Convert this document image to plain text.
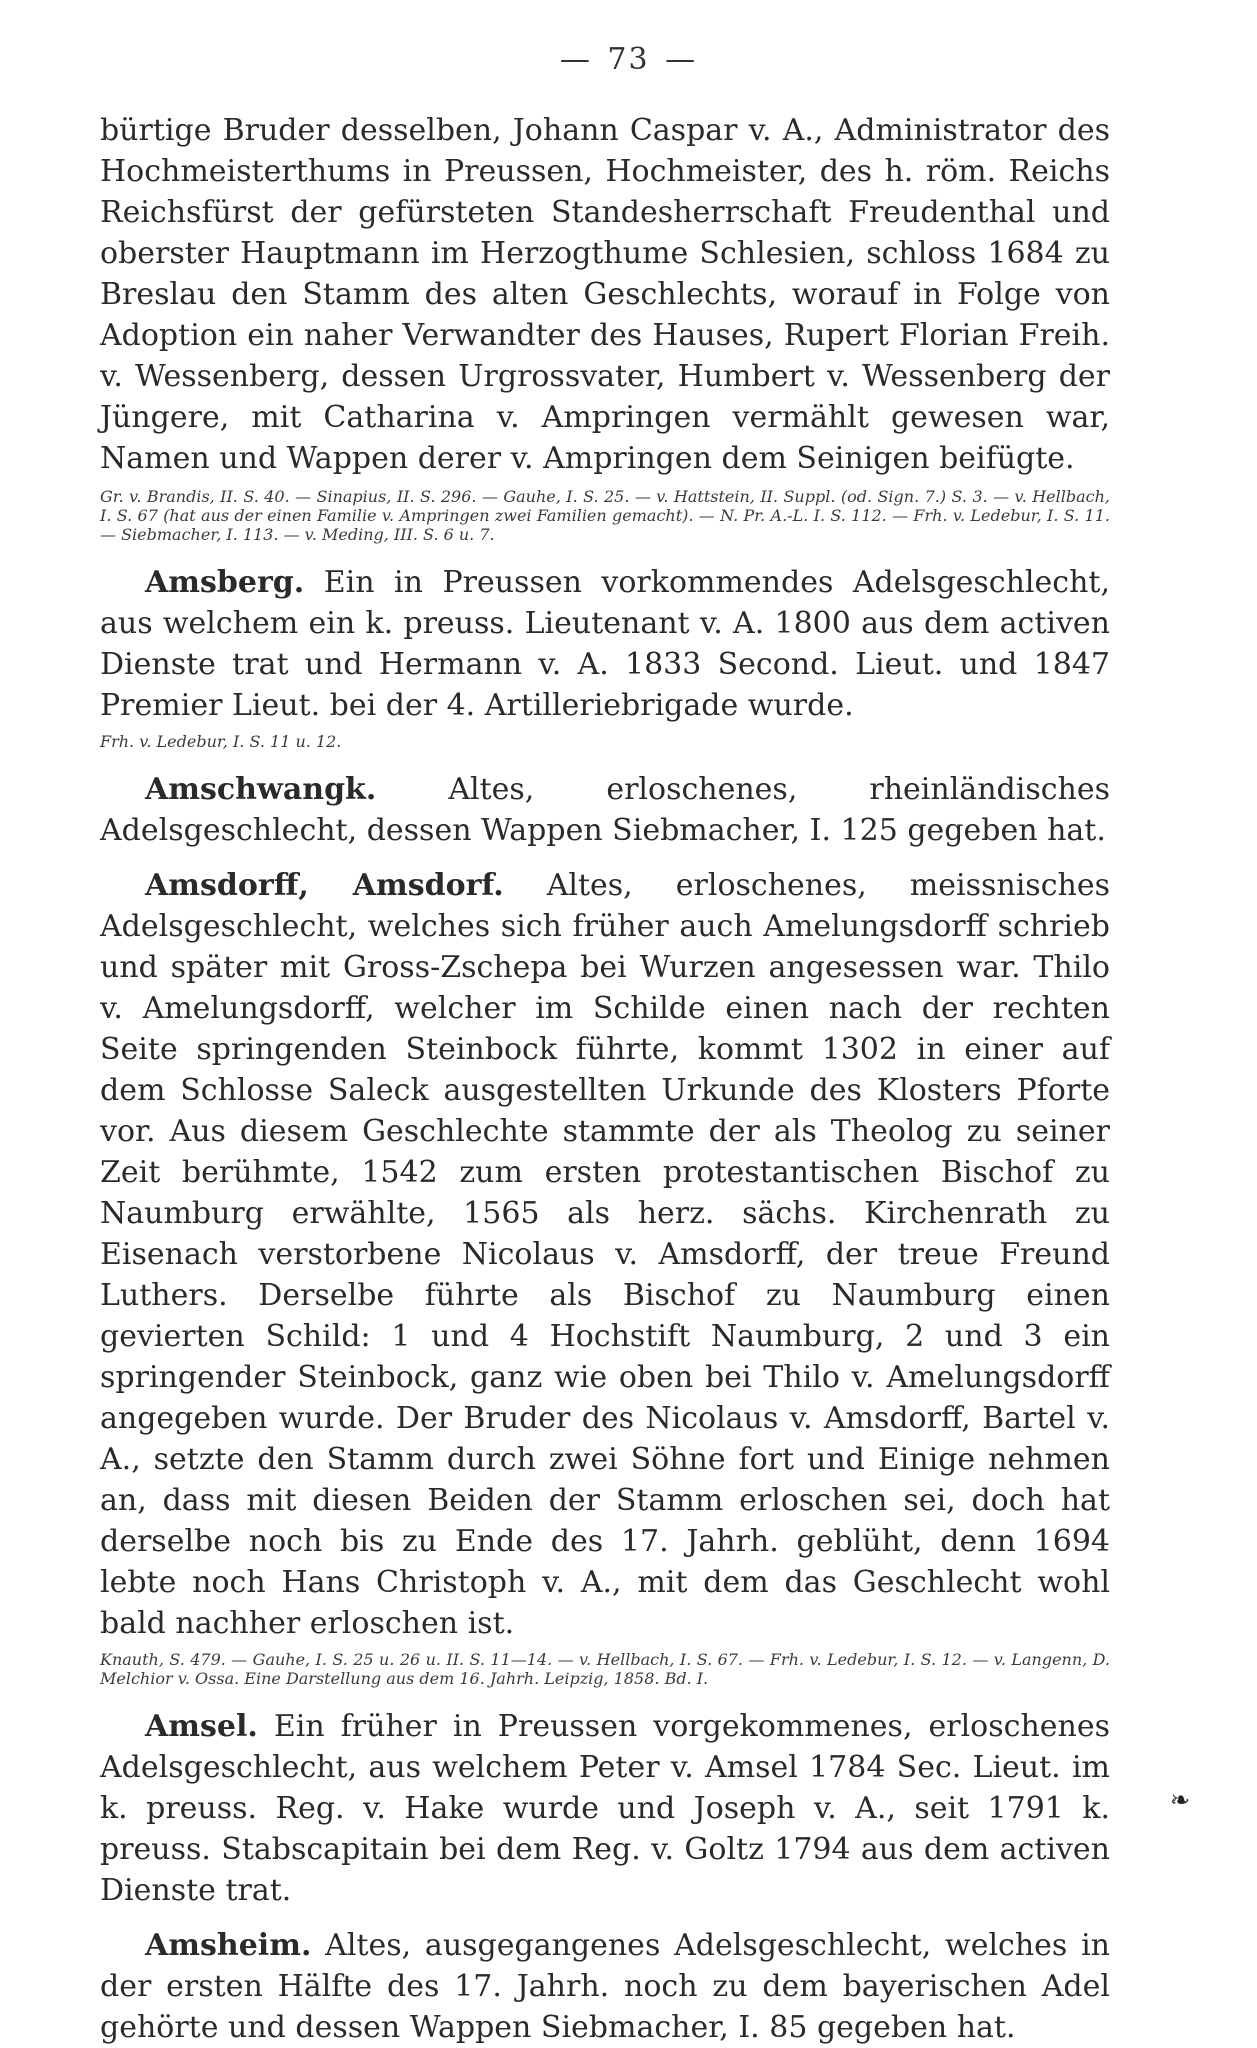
— 73 —

bürtige Bruder desselben, Johann Caspar v. A., Administrator des Hochmeisterthums in Preussen, Hochmeister, des h. röm. Reichs Reichsfürst der gefürsteten Standesherrschaft Freudenthal und oberster Hauptmann im Herzogthume Schlesien, schloss 1684 zu Breslau den Stamm des alten Geschlechts, worauf in Folge von Adoption ein naher Verwandter des Hauses, Rupert Florian Freih. v. Wessenberg, dessen Urgrossvater, Humbert v. Wessenberg der Jüngere, mit Catharina v. Ampringen vermählt gewesen war, Namen und Wappen derer v. Ampringen dem Seinigen beifügte.

Gr. v. Brandis, II. S. 40. — Sinapius, II. S. 296. — Gauhe, I. S. 25. — v. Hattstein, II. Suppl. (od. Sign. 7.) S. 3. — v. Hellbach, I. S. 67 (hat aus der einen Familie v. Ampringen zwei Familien gemacht). — N. Pr. A.-L. I. S. 112. — Frh. v. Ledebur, I. S. 11. — Siebmacher, I. 113. — v. Meding, III. S. 6 u. 7.

Amsberg. Ein in Preussen vorkommendes Adelsgeschlecht, aus welchem ein k. preuss. Lieutenant v. A. 1800 aus dem activen Dienste trat und Hermann v. A. 1833 Second. Lieut. und 1847 Premier Lieut. bei der 4. Artilleriebrigade wurde.

Frh. v. Ledebur, I. S. 11 u. 12.

Amschwangk. Altes, erloschenes, rheinländisches Adelsgeschlecht, dessen Wappen Siebmacher, I. 125 gegeben hat.

Amsdorff, Amsdorf. Altes, erloschenes, meissnisches Adelsgeschlecht, welches sich früher auch Amelungsdorff schrieb und später mit Gross-Zschepa bei Wurzen angesessen war. Thilo v. Amelungsdorff, welcher im Schilde einen nach der rechten Seite springenden Steinbock führte, kommt 1302 in einer auf dem Schlosse Saleck ausgestellten Urkunde des Klosters Pforte vor. Aus diesem Geschlechte stammte der als Theolog zu seiner Zeit berühmte, 1542 zum ersten protestantischen Bischof zu Naumburg erwählte, 1565 als herz. sächs. Kirchenrath zu Eisenach verstorbene Nicolaus v. Amsdorff, der treue Freund Luthers. Derselbe führte als Bischof zu Naumburg einen gevierten Schild: 1 und 4 Hochstift Naumburg, 2 und 3 ein springender Steinbock, ganz wie oben bei Thilo v. Amelungsdorff angegeben wurde. Der Bruder des Nicolaus v. Amsdorff, Bartel v. A., setzte den Stamm durch zwei Söhne fort und Einige nehmen an, dass mit diesen Beiden der Stamm erloschen sei, doch hat derselbe noch bis zu Ende des 17. Jahrh. geblüht, denn 1694 lebte noch Hans Christoph v. A., mit dem das Geschlecht wohl bald nachher erloschen ist.

Knauth, S. 479. — Gauhe, I. S. 25 u. 26 u. II. S. 11—14. — v. Hellbach, I. S. 67. — Frh. v. Ledebur, I. S. 12. — v. Langenn, D. Melchior v. Ossa. Eine Darstellung aus dem 16. Jahrh. Leipzig, 1858. Bd. I.

Amsel. Ein früher in Preussen vorgekommenes, erloschenes Adelsgeschlecht, aus welchem Peter v. Amsel 1784 Sec. Lieut. im k. preuss. Reg. v. Hake wurde und Joseph v. A., seit 1791 k. preuss. Stabscapitain bei dem Reg. v. Goltz 1794 aus dem activen Dienste trat.

Amsheim. Altes, ausgegangenes Adelsgeschlecht, welches in der ersten Hälfte des 17. Jahrh. noch zu dem bayerischen Adel gehörte und dessen Wappen Siebmacher, I. 85 gegeben hat.

❧
